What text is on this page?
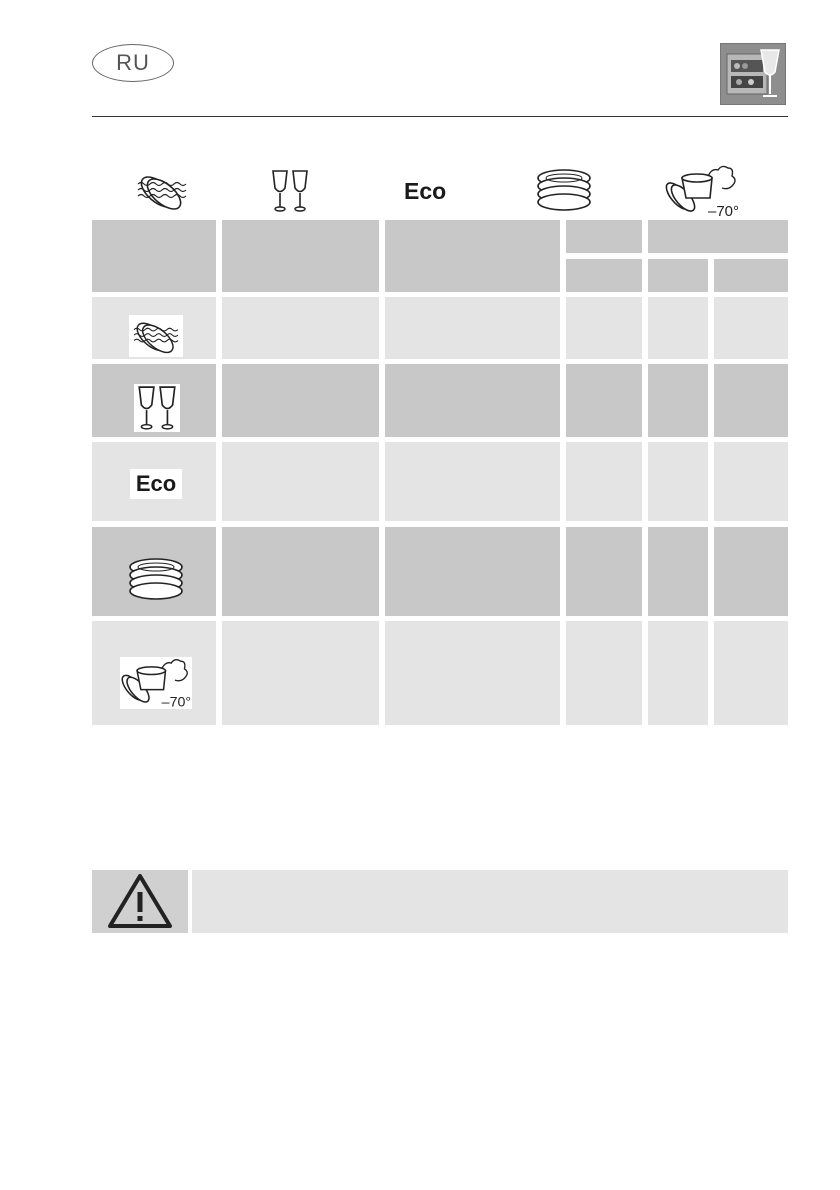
RU
Eco
–70°
Eco
–70°
